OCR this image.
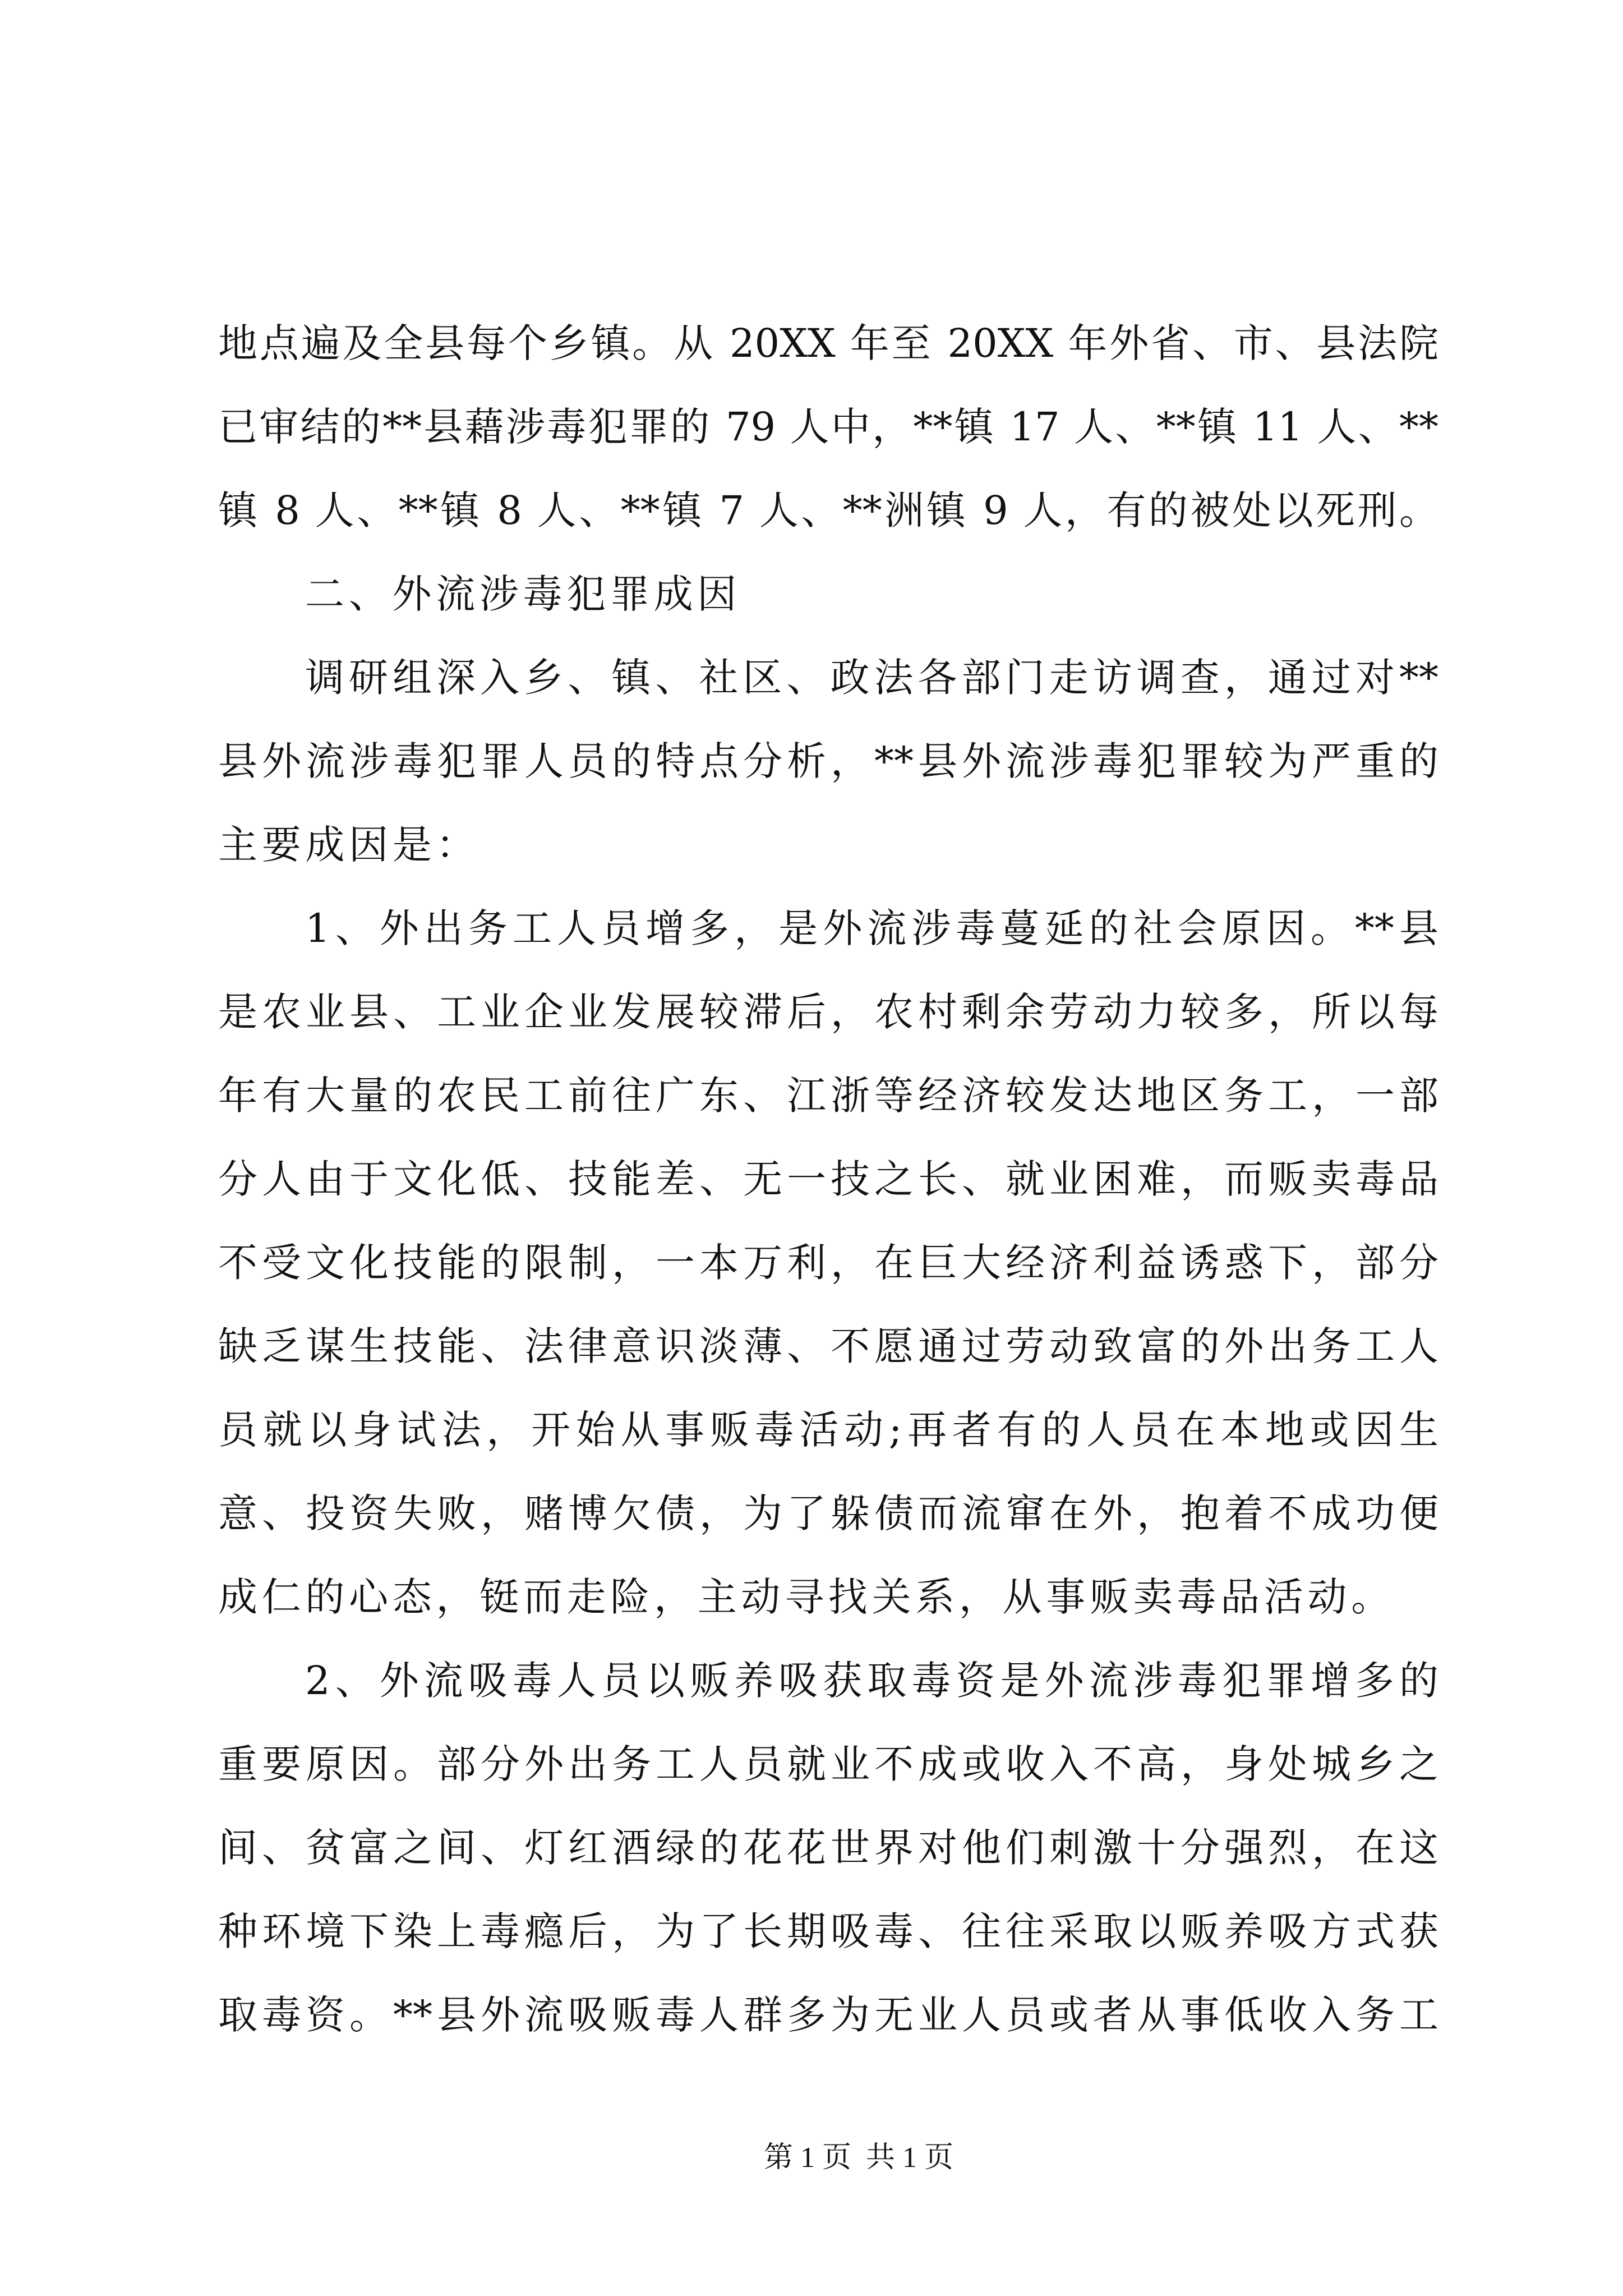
地点遍及全县每个乡镇。从 20XX 年至 20XX 年外省、市、县法院
已审结的**县藉涉毒犯罪的 79 人中，**镇 17 人、**镇 11 人、**
镇 8 人、**镇 8 人、**镇 7 人、**洲镇 9 人，有的被处以死刑。
二、外流涉毒犯罪成因
调研组深入乡、镇、社区、政法各部门走访调查，通过对**
县外流涉毒犯罪人员的特点分析，**县外流涉毒犯罪较为严重的
主要成因是：
1、外出务工人员增多，是外流涉毒蔓延的社会原因。**县
是农业县、工业企业发展较滞后，农村剩余劳动力较多，所以每
年有大量的农民工前往广东、江浙等经济较发达地区务工，一部
分人由于文化低、技能差、无一技之长、就业困难，而贩卖毒品
不受文化技能的限制，一本万利，在巨大经济利益诱惑下，部分
缺乏谋生技能、法律意识淡薄、不愿通过劳动致富的外出务工人
员就以身试法，开始从事贩毒活动;再者有的人员在本地或因生
意、投资失败，赌博欠债，为了躲债而流窜在外，抱着不成功便
成仁的心态，铤而走险，主动寻找关系，从事贩卖毒品活动。
2、外流吸毒人员以贩养吸获取毒资是外流涉毒犯罪增多的
重要原因。部分外出务工人员就业不成或收入不高，身处城乡之
间、贫富之间、灯红酒绿的花花世界对他们刺激十分强烈，在这
种环境下染上毒瘾后，为了长期吸毒、往往采取以贩养吸方式获
取毒资。**县外流吸贩毒人群多为无业人员或者从事低收入务工
第 1 页  共 1 页
